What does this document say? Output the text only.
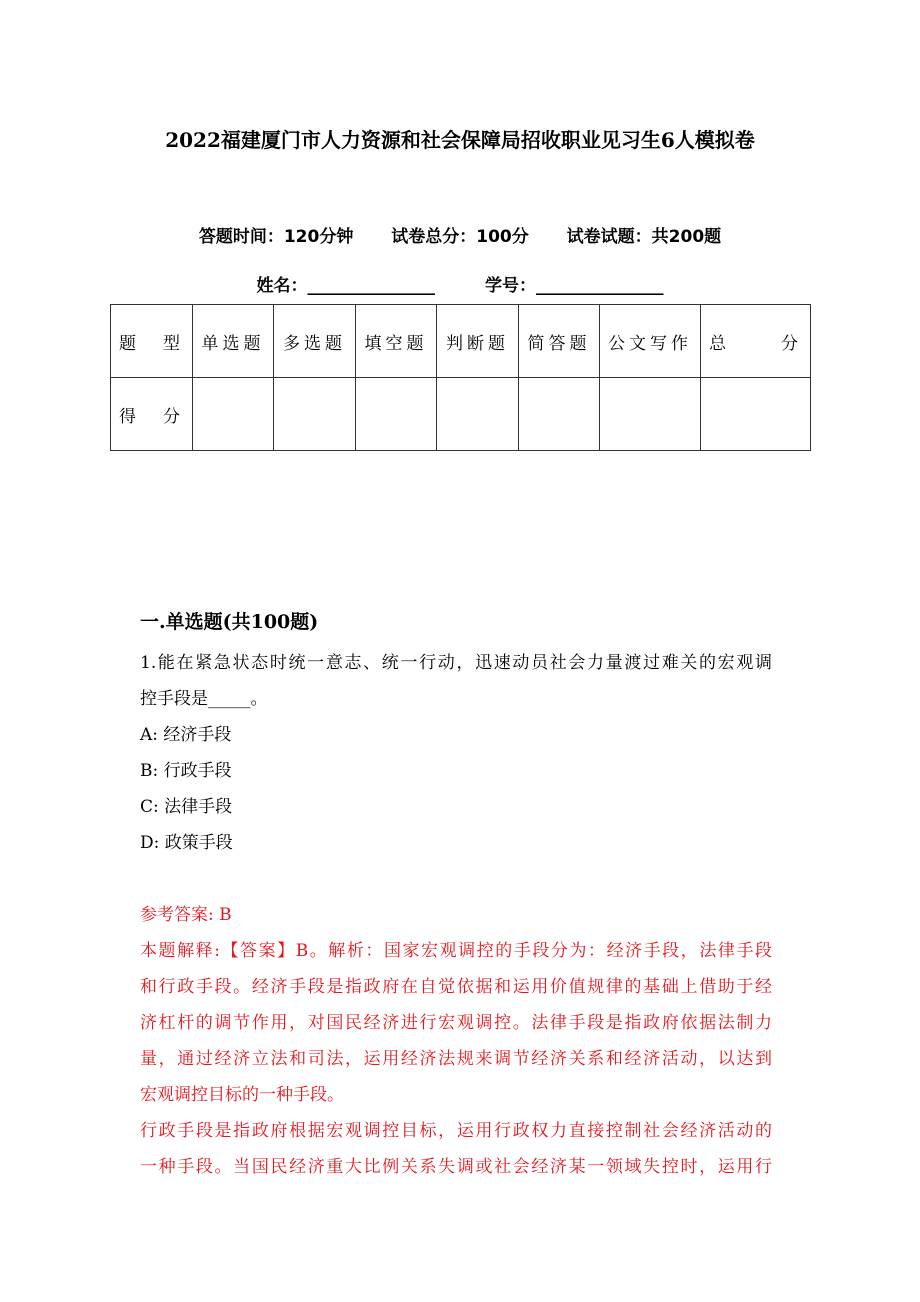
2022福建厦门市人力资源和社会保障局招收职业见习生6人模拟卷
答题时间：120分钟 试卷总分：100分 试卷试题：共200题
姓名：_______________	学号：_______________
题　型	单选题	多选题	填空题	判断题	简答题	公文写作	总　　分
得　分							
一.单选题(共100题)
1.能在紧急状态时统一意志、统一行动，迅速动员社会力量渡过难关的宏观调
控手段是_____。
A: 经济手段
B: 行政手段
C: 法律手段
D: 政策手段
参考答案: B
本题解释:【答案】B。解析：国家宏观调控的手段分为：经济手段，法律手段
和行政手段。经济手段是指政府在自觉依据和运用价值规律的基础上借助于经
济杠杆的调节作用，对国民经济进行宏观调控。法律手段是指政府依据法制力
量，通过经济立法和司法，运用经济法规来调节经济关系和经济活动，以达到
宏观调控目标的一种手段。
行政手段是指政府根据宏观调控目标，运用行政权力直接控制社会经济活动的
一种手段。当国民经济重大比例关系失调或社会经济某一领域失控时，运用行
